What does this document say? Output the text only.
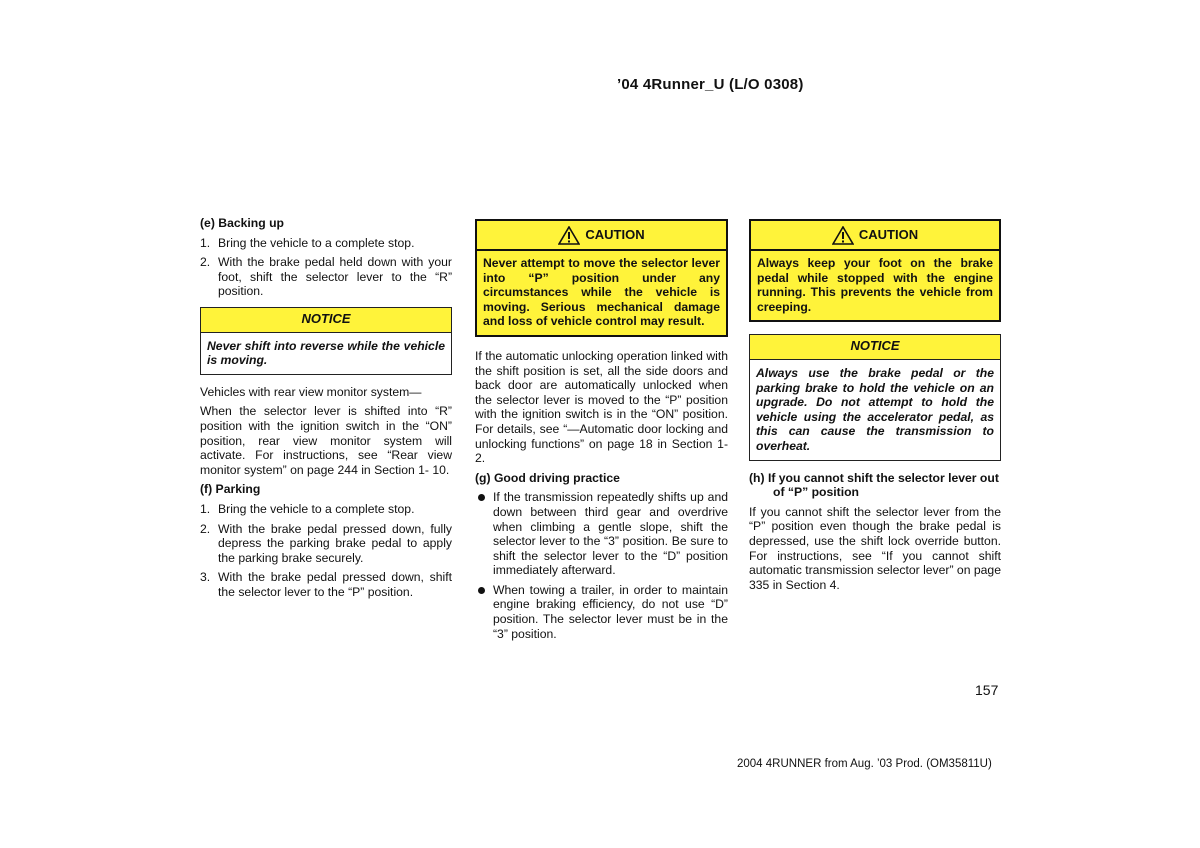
’04 4Runner_U (L/O 0308)
(e) Backing up
1. Bring the vehicle to a complete stop.
2. With the brake pedal held down with your foot, shift the selector lever to the “R” position.
NOTICE
Never shift into reverse while the vehicle is moving.

Vehicles with rear view monitor system—

When the selector lever is shifted into “R” position with the ignition switch in the “ON” position, rear view monitor system will activate. For instructions, see “Rear view monitor system” on page 244 in Section 1- 10.

(f) Parking
1. Bring the vehicle to a complete stop.
2. With the brake pedal pressed down, fully depress the parking brake pedal to apply the parking brake securely.
3. With the brake pedal pressed down, shift the selector lever to the “P” position.
CAUTION
Never attempt to move the selector lever into “P” position under any circumstances while the vehicle is moving. Serious mechanical damage and loss of vehicle control may result.

If the automatic unlocking operation linked with the shift position is set, all the side doors and back door are automatically unlocked when the selector lever is moved to the “P” position with the ignition switch is in the “ON” position. For details, see “—Automatic door locking and unlocking functions” on page 18 in Section 1- 2.

(g) Good driving practice
If the transmission repeatedly shifts up and down between third gear and overdrive when climbing a gentle slope, shift the selector lever to the “3” position. Be sure to shift the selector lever to the “D” position immediately afterward.
When towing a trailer, in order to maintain engine braking efficiency, do not use “D” position. The selector lever must be in the “3” position.
CAUTION
Always keep your foot on the brake pedal while stopped with the engine running. This prevents the vehicle from creeping.
NOTICE
Always use the brake pedal or the parking brake to hold the vehicle on an upgrade. Do not attempt to hold the vehicle using the accelerator pedal, as this can cause the transmission to overheat.
(h) If you cannot shift the selector lever out of “P” position

If you cannot shift the selector lever from the “P” position even though the brake pedal is depressed, use the shift lock override button. For instructions, see “If you cannot shift automatic transmission selector lever” on page 335 in Section 4.

157
2004 4RUNNER from Aug. ’03 Prod. (OM35811U)
